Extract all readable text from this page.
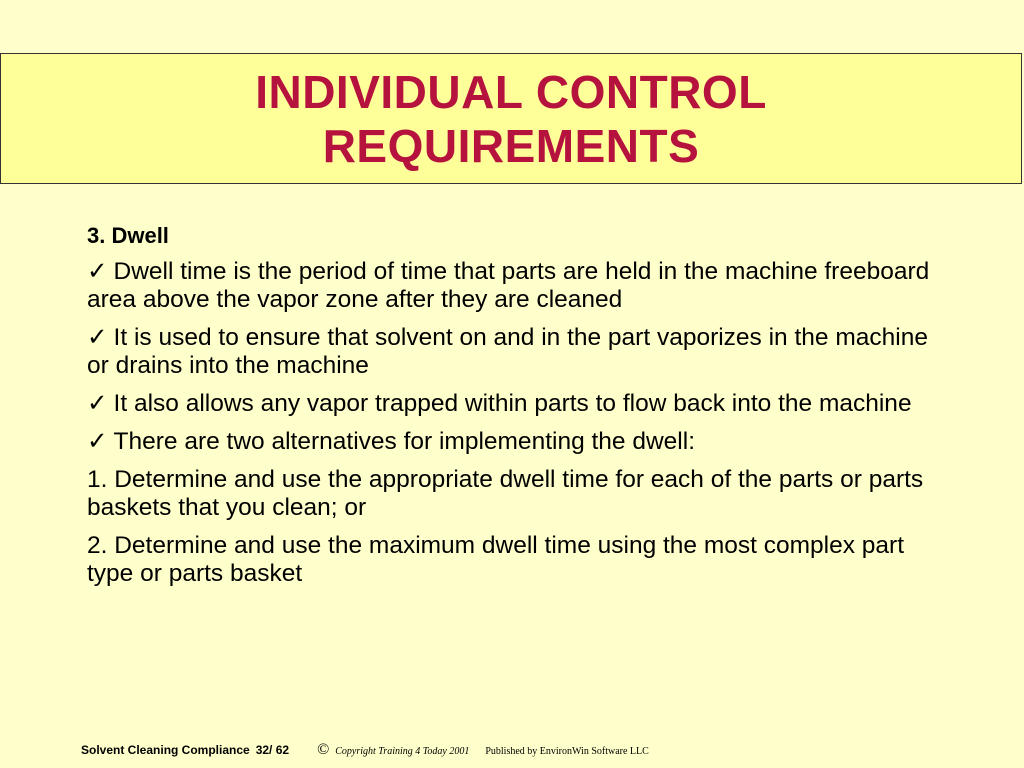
INDIVIDUAL CONTROL
REQUIREMENTS
3. Dwell
✓ Dwell time is the period of time that parts are held in the machine freeboard area above the vapor zone after they are cleaned
✓ It is used to ensure that solvent on and in the part vaporizes in the machine or drains into the machine
✓ It also allows any vapor trapped within parts to flow back into the machine
✓ There are two alternatives for implementing the dwell:
1. Determine and use the appropriate dwell time for each of the parts or parts baskets that you clean; or
2. Determine and use the maximum dwell time using the most complex part type or parts basket
Solvent Cleaning Compliance 32/ 62 © Copyright Training 4 Today 2001 Published by EnvironWin Software LLC
